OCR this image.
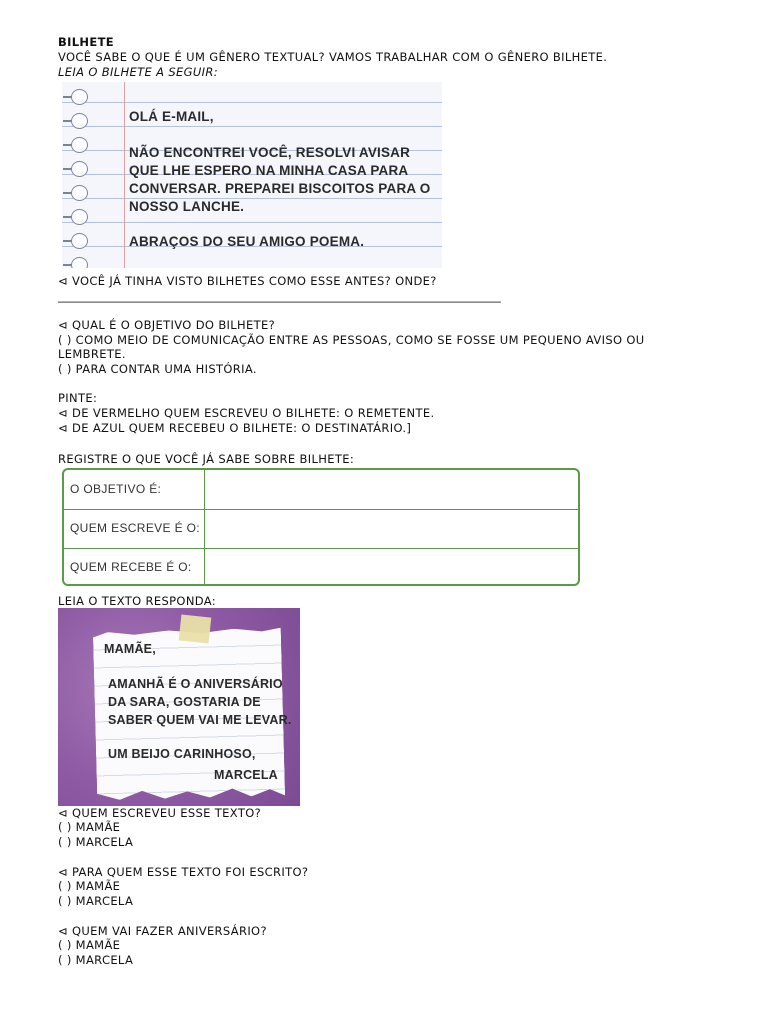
BILHETE
VOCÊ SABE O QUE É UM GÊNERO TEXTUAL? VAMOS TRABALHAR COM O GÊNERO BILHETE.
LEIA O BILHETE A SEGUIR:
OLÁ E-MAIL,
NÃO ENCONTREI VOCÊ, RESOLVI AVISAR
QUE LHE ESPERO NA MINHA CASA PARA
CONVERSAR. PREPAREI BISCOITOS PARA O
NOSSO LANCHE.
ABRAÇOS DO SEU AMIGO POEMA.
⊲ VOCÊ JÁ TINHA VISTO BILHETES COMO ESSE ANTES? ONDE?
_____________________________________________________________________________
⊲ QUAL É O OBJETIVO DO BILHETE?
( ) COMO MEIO DE COMUNICAÇÃO ENTRE AS PESSOAS, COMO SE FOSSE UM PEQUENO AVISO OU
LEMBRETE.
( ) PARA CONTAR UMA HISTÓRIA.
PINTE:
⊲ DE VERMELHO QUEM ESCREVEU O BILHETE: O REMETENTE.
⊲ DE AZUL QUEM RECEBEU O BILHETE: O DESTINATÁRIO.]
REGISTRE O QUE VOCÊ JÁ SABE SOBRE BILHETE:
O OBJETIVO É:
QUEM ESCREVE É O:
QUEM RECEBE É O:
LEIA O TEXTO RESPONDA:
MAMÃE,
AMANHÃ É O ANIVERSÁRIO
DA SARA, GOSTARIA DE
SABER QUEM VAI ME LEVAR.
UM BEIJO CARINHOSO,
MARCELA
⊲ QUEM ESCREVEU ESSE TEXTO?
( ) MAMÃE
( ) MARCELA
⊲ PARA QUEM ESSE TEXTO FOI ESCRITO?
( ) MAMÃE
( ) MARCELA
⊲ QUEM VAI FAZER ANIVERSÁRIO?
( ) MAMÃE
( ) MARCELA
